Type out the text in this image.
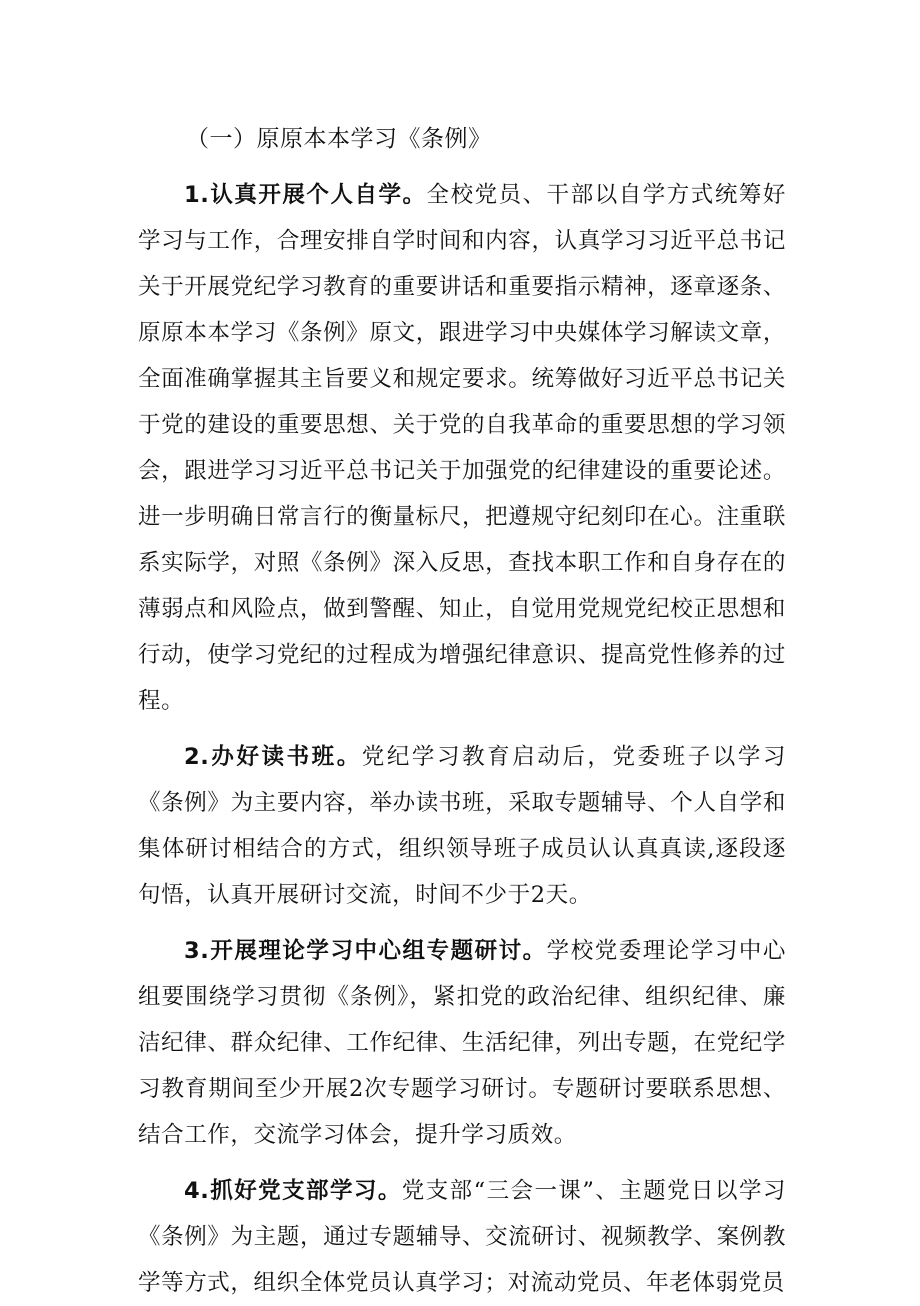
（一）原原本本学习《条例》

1.认真开展个人自学。全校党员、干部以自学方式统筹好学习与工作，合理安排自学时间和内容，认真学习习近平总书记关于开展党纪学习教育的重要讲话和重要指示精神，逐章逐条、原原本本学习《条例》原文，跟进学习中央媒体学习解读文章，全面准确掌握其主旨要义和规定要求。统筹做好习近平总书记关于党的建设的重要思想、关于党的自我革命的重要思想的学习领会，跟进学习习近平总书记关于加强党的纪律建设的重要论述。进一步明确日常言行的衡量标尺，把遵规守纪刻印在心。注重联系实际学，对照《条例》深入反思，查找本职工作和自身存在的薄弱点和风险点，做到警醒、知止，自觉用党规党纪校正思想和行动，使学习党纪的过程成为增强纪律意识、提高党性修养的过程。

2.办好读书班。党纪学习教育启动后，党委班子以学习《条例》为主要内容，举办读书班，采取专题辅导、个人自学和集体研讨相结合的方式，组织领导班子成员认认真真读,逐段逐句悟，认真开展研讨交流，时间不少于2天。

3.开展理论学习中心组专题研讨。学校党委理论学习中心组要围绕学习贯彻《条例》，紧扣党的政治纪律、组织纪律、廉洁纪律、群众纪律、工作纪律、生活纪律，列出专题，在党纪学习教育期间至少开展2次专题学习研讨。专题研讨要联系思想、结合工作，交流学习体会，提升学习质效。

4.抓好党支部学习。党支部“三会一课”、主题党日以学习《条例》为主题，通过专题辅导、交流研讨、视频教学、案例教学等方式，组织全体党员认真学习；对流动党员、年老体弱党员
